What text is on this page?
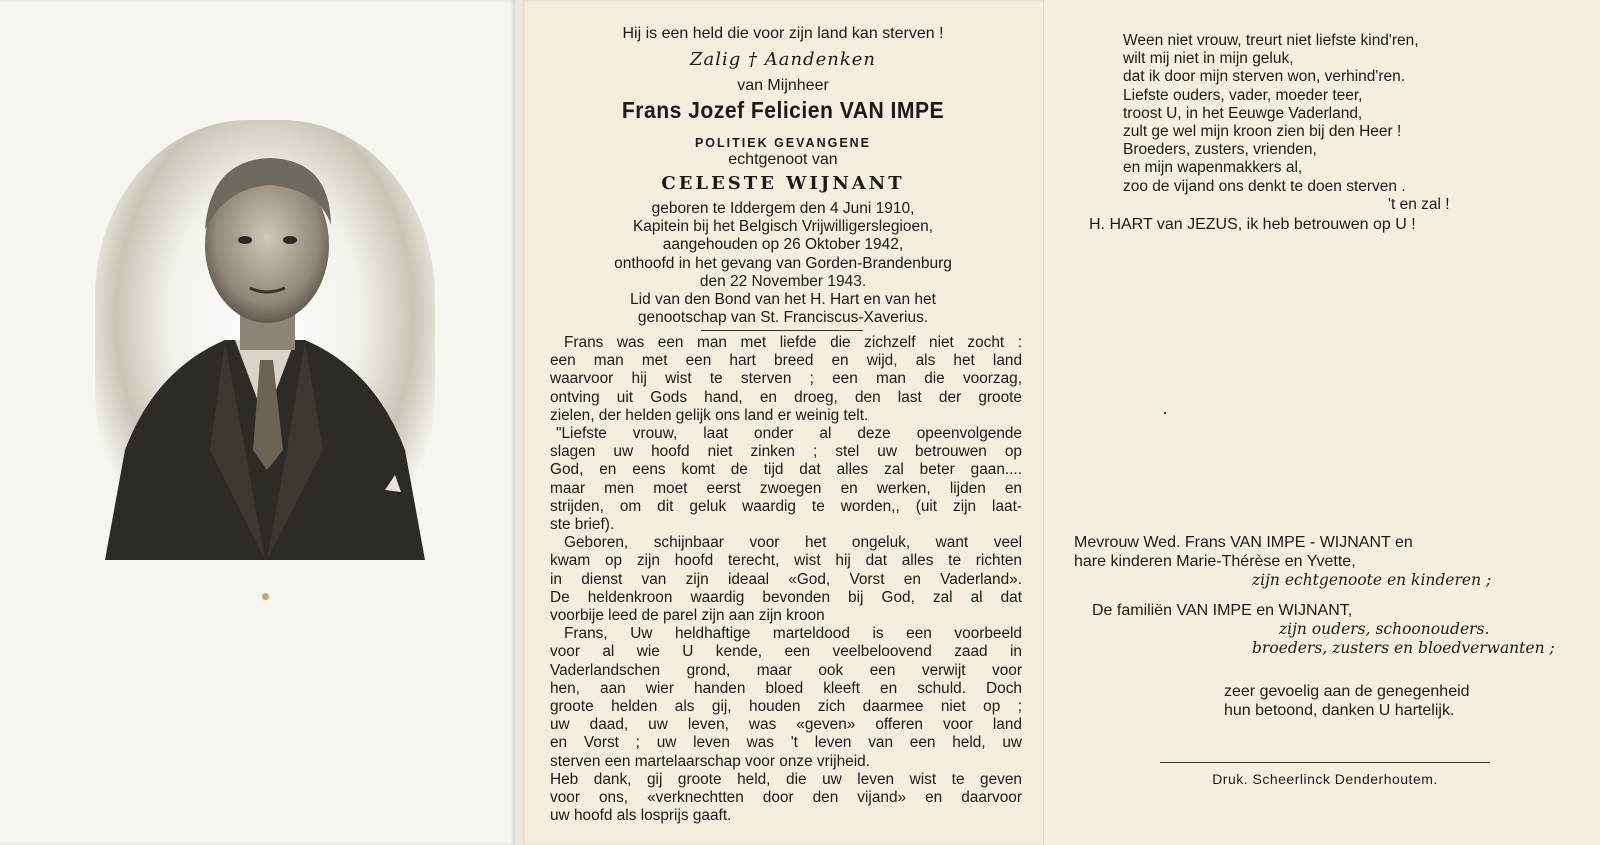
Hij is een held die voor zijn land kan sterven !
Zalig † Aandenken
van Mijnheer
Frans Jozef Felicien VAN IMPE
POLITIEK GEVANGENE
echtgenoot van
CELESTE WIJNANT
geboren te Iddergem den 4 Juni 1910,
Kapitein bij het Belgisch Vrijwilligerslegioen,
aangehouden op 26 Oktober 1942,
onthoofd in het gevang van Gorden-Brandenburg
den 22 November 1943.
Lid van den Bond van het H. Hart en van het
genootschap van St. Franciscus-Xaverius.
Frans was een man met liefde die zichzelf niet zocht :
een man met een hart breed en wijd, als het land
waarvoor hij wist te sterven ; een man die voorzag,
ontving uit Gods hand, en droeg, den last der groote
zielen, der helden gelijk ons land er weinig telt.
"Liefste vrouw, laat onder al deze opeenvolgende
slagen uw hoofd niet zinken ; stel uw betrouwen op
God, en eens komt de tijd dat alles zal beter gaan....
maar men moet eerst zwoegen en werken, lijden en
strijden, om dit geluk waardig te worden,, (uit zijn laat-
ste brief).
Geboren, schijnbaar voor het ongeluk, want veel
kwam op zijn hoofd terecht, wist hij dat alles te richten
in dienst van zijn ideaal «God, Vorst en Vaderland».
De heldenkroon waardig bevonden bij God, zal al dat
voorbije leed de parel zijn aan zijn kroon
Frans, Uw heldhaftige marteldood is een voorbeeld
voor al wie U kende, een veelbeloovend zaad in
Vaderlandschen grond, maar ook een verwijt voor
hen, aan wier handen bloed kleeft en schuld. Doch
groote helden als gij, houden zich daarmee niet op ;
uw daad, uw leven, was «geven» offeren voor land
en Vorst ; uw leven was 't leven van een held, uw
sterven een martelaarschap voor onze vrijheid.
Heb dank, gij groote held, die uw leven wist te geven
voor ons, «verknechtten door den vijand» en daarvoor
uw hoofd als losprijs gaaft.
Ween niet vrouw, treurt niet liefste kind'ren,
wilt mij niet in mijn geluk,
dat ik door mijn sterven won, verhind'ren.
Liefste ouders, vader, moeder teer,
troost U, in het Eeuwge Vaderland,
zult ge wel mijn kroon zien bij den Heer !
Broeders, zusters, vrienden,
en mijn wapenmakkers al,
zoo de vijand ons denkt te doen sterven .
't en zal !
H. HART van JEZUS, ik heb betrouwen op U !
Mevrouw Wed. Frans VAN IMPE - WIJNANT en
hare kinderen Marie-Thérèse en Yvette,
zijn echtgenoote en kinderen ;
De familiën VAN IMPE en WIJNANT,
zijn ouders, schoonouders.
broeders, zusters en bloedverwanten ;
zeer gevoelig aan de genegenheid
hun betoond, danken U hartelijk.
Druk. Scheerlinck Denderhoutem.
